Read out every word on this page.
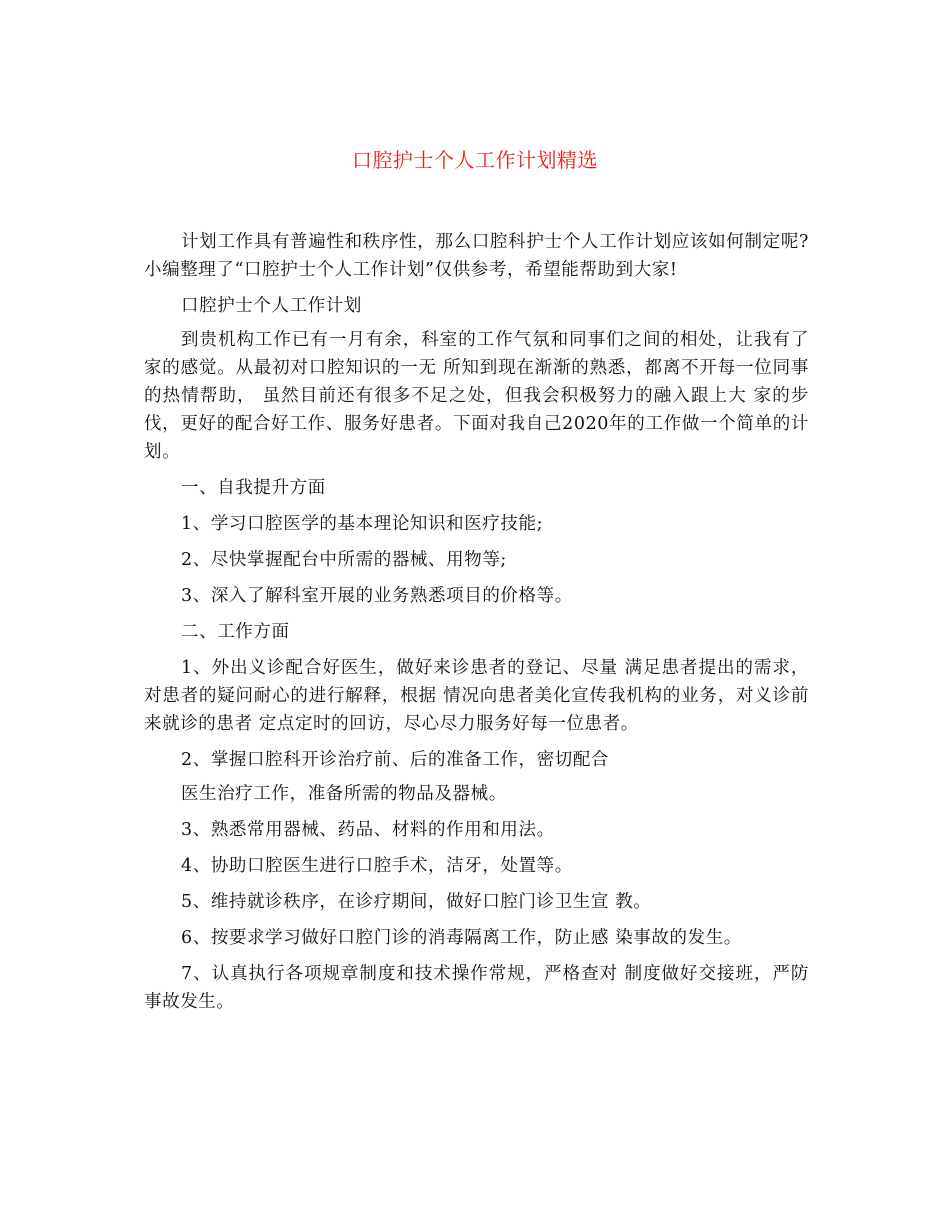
口腔护士个人工作计划精选

计划工作具有普遍性和秩序性，那么口腔科护士个人工作计划应该如何制定呢?小编整理了“口腔护士个人工作计划”仅供参考，希望能帮助到大家!

口腔护士个人工作计划

到贵机构工作已有一月有余，科室的工作气氛和同事们之间的相处，让我有了家的感觉。从最初对口腔知识的一无 所知到现在渐渐的熟悉，都离不开每一位同事的热情帮助， 虽然目前还有很多不足之处，但我会积极努力的融入跟上大 家的步伐，更好的配合好工作、服务好患者。下面对我自己2020年的工作做一个简单的计划。

一、自我提升方面

1、学习口腔医学的基本理论知识和医疗技能;

2、尽快掌握配台中所需的器械、用物等;

3、深入了解科室开展的业务熟悉项目的价格等。

二、工作方面

1、外出义诊配合好医生，做好来诊患者的登记、尽量 满足患者提出的需求，对患者的疑问耐心的进行解释，根据 情况向患者美化宣传我机构的业务，对义诊前来就诊的患者 定点定时的回访，尽心尽力服务好每一位患者。

2、掌握口腔科开诊治疗前、后的准备工作，密切配合

医生治疗工作，准备所需的物品及器械。

3、熟悉常用器械、药品、材料的作用和用法。

4、协助口腔医生进行口腔手术，洁牙，处置等。

5、维持就诊秩序，在诊疗期间，做好口腔门诊卫生宣 教。

6、按要求学习做好口腔门诊的消毒隔离工作，防止感 染事故的发生。

7、认真执行各项规章制度和技术操作常规，严格查对 制度做好交接班，严防事故发生。
